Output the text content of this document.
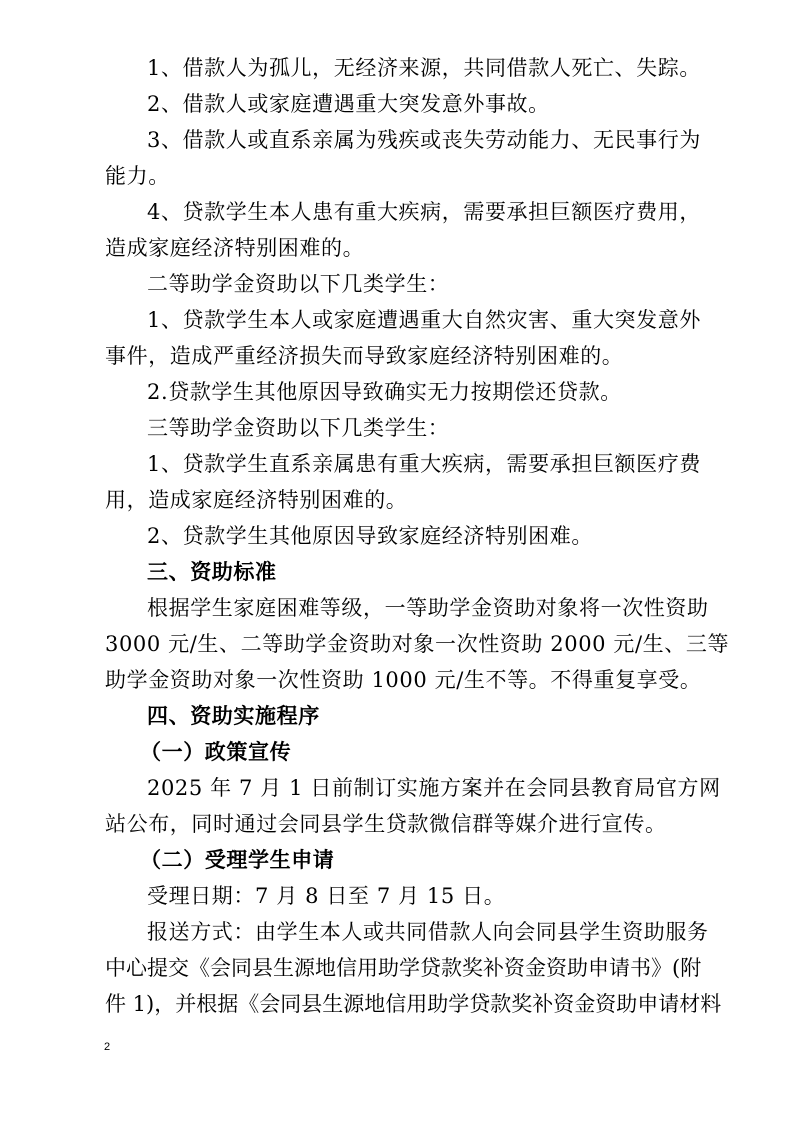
1、借款人为孤儿，无经济来源，共同借款人死亡、失踪。
2、借款人或家庭遭遇重大突发意外事故。
3、借款人或直系亲属为残疾或丧失劳动能力、无民事行为
能力。
4、贷款学生本人患有重大疾病，需要承担巨额医疗费用，
造成家庭经济特别困难的。
二等助学金资助以下几类学生：
1、贷款学生本人或家庭遭遇重大自然灾害、重大突发意外
事件，造成严重经济损失而导致家庭经济特别困难的。
2.贷款学生其他原因导致确实无力按期偿还贷款。
三等助学金资助以下几类学生：
1、贷款学生直系亲属患有重大疾病，需要承担巨额医疗费
用，造成家庭经济特别困难的。
2、贷款学生其他原因导致家庭经济特别困难。
三、资助标准
根据学生家庭困难等级，一等助学金资助对象将一次性资助
3000 元/生、二等助学金资助对象一次性资助 2000 元/生、三等
助学金资助对象一次性资助 1000 元/生不等。不得重复享受。
四、资助实施程序
（一）政策宣传
2025 年 7 月 1 日前制订实施方案并在会同县教育局官方网
站公布，同时通过会同县学生贷款微信群等媒介进行宣传。
（二）受理学生申请
受理日期：7 月 8 日至 7 月 15 日。
报送方式：由学生本人或共同借款人向会同县学生资助服务
中心提交《会同县生源地信用助学贷款奖补资金资助申请书》(附
件 1)，并根据《会同县生源地信用助学贷款奖补资金资助申请材料
2
